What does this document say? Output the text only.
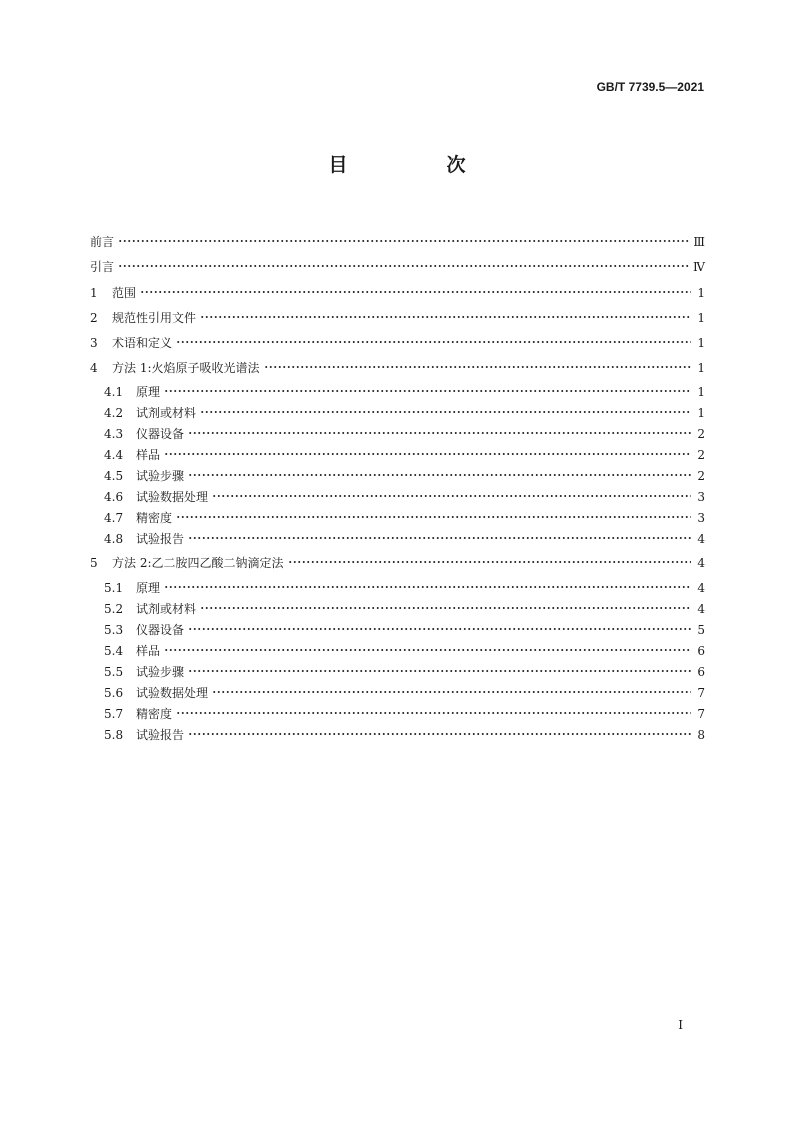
GB/T 7739.5—2021
目　次
前言	Ⅲ
引言	Ⅳ
1	范围	1
2	规范性引用文件	1
3	术语和定义	1
4	方法 1:火焰原子吸收光谱法	1
4.1	原理	1
4.2	试剂或材料	1
4.3	仪器设备	2
4.4	样品	2
4.5	试验步骤	2
4.6	试验数据处理	3
4.7	精密度	3
4.8	试验报告	4
5	方法 2:乙二胺四乙酸二钠滴定法	4
5.1	原理	4
5.2	试剂或材料	4
5.3	仪器设备	5
5.4	样品	6
5.5	试验步骤	6
5.6	试验数据处理	7
5.7	精密度	7
5.8	试验报告	8
I
